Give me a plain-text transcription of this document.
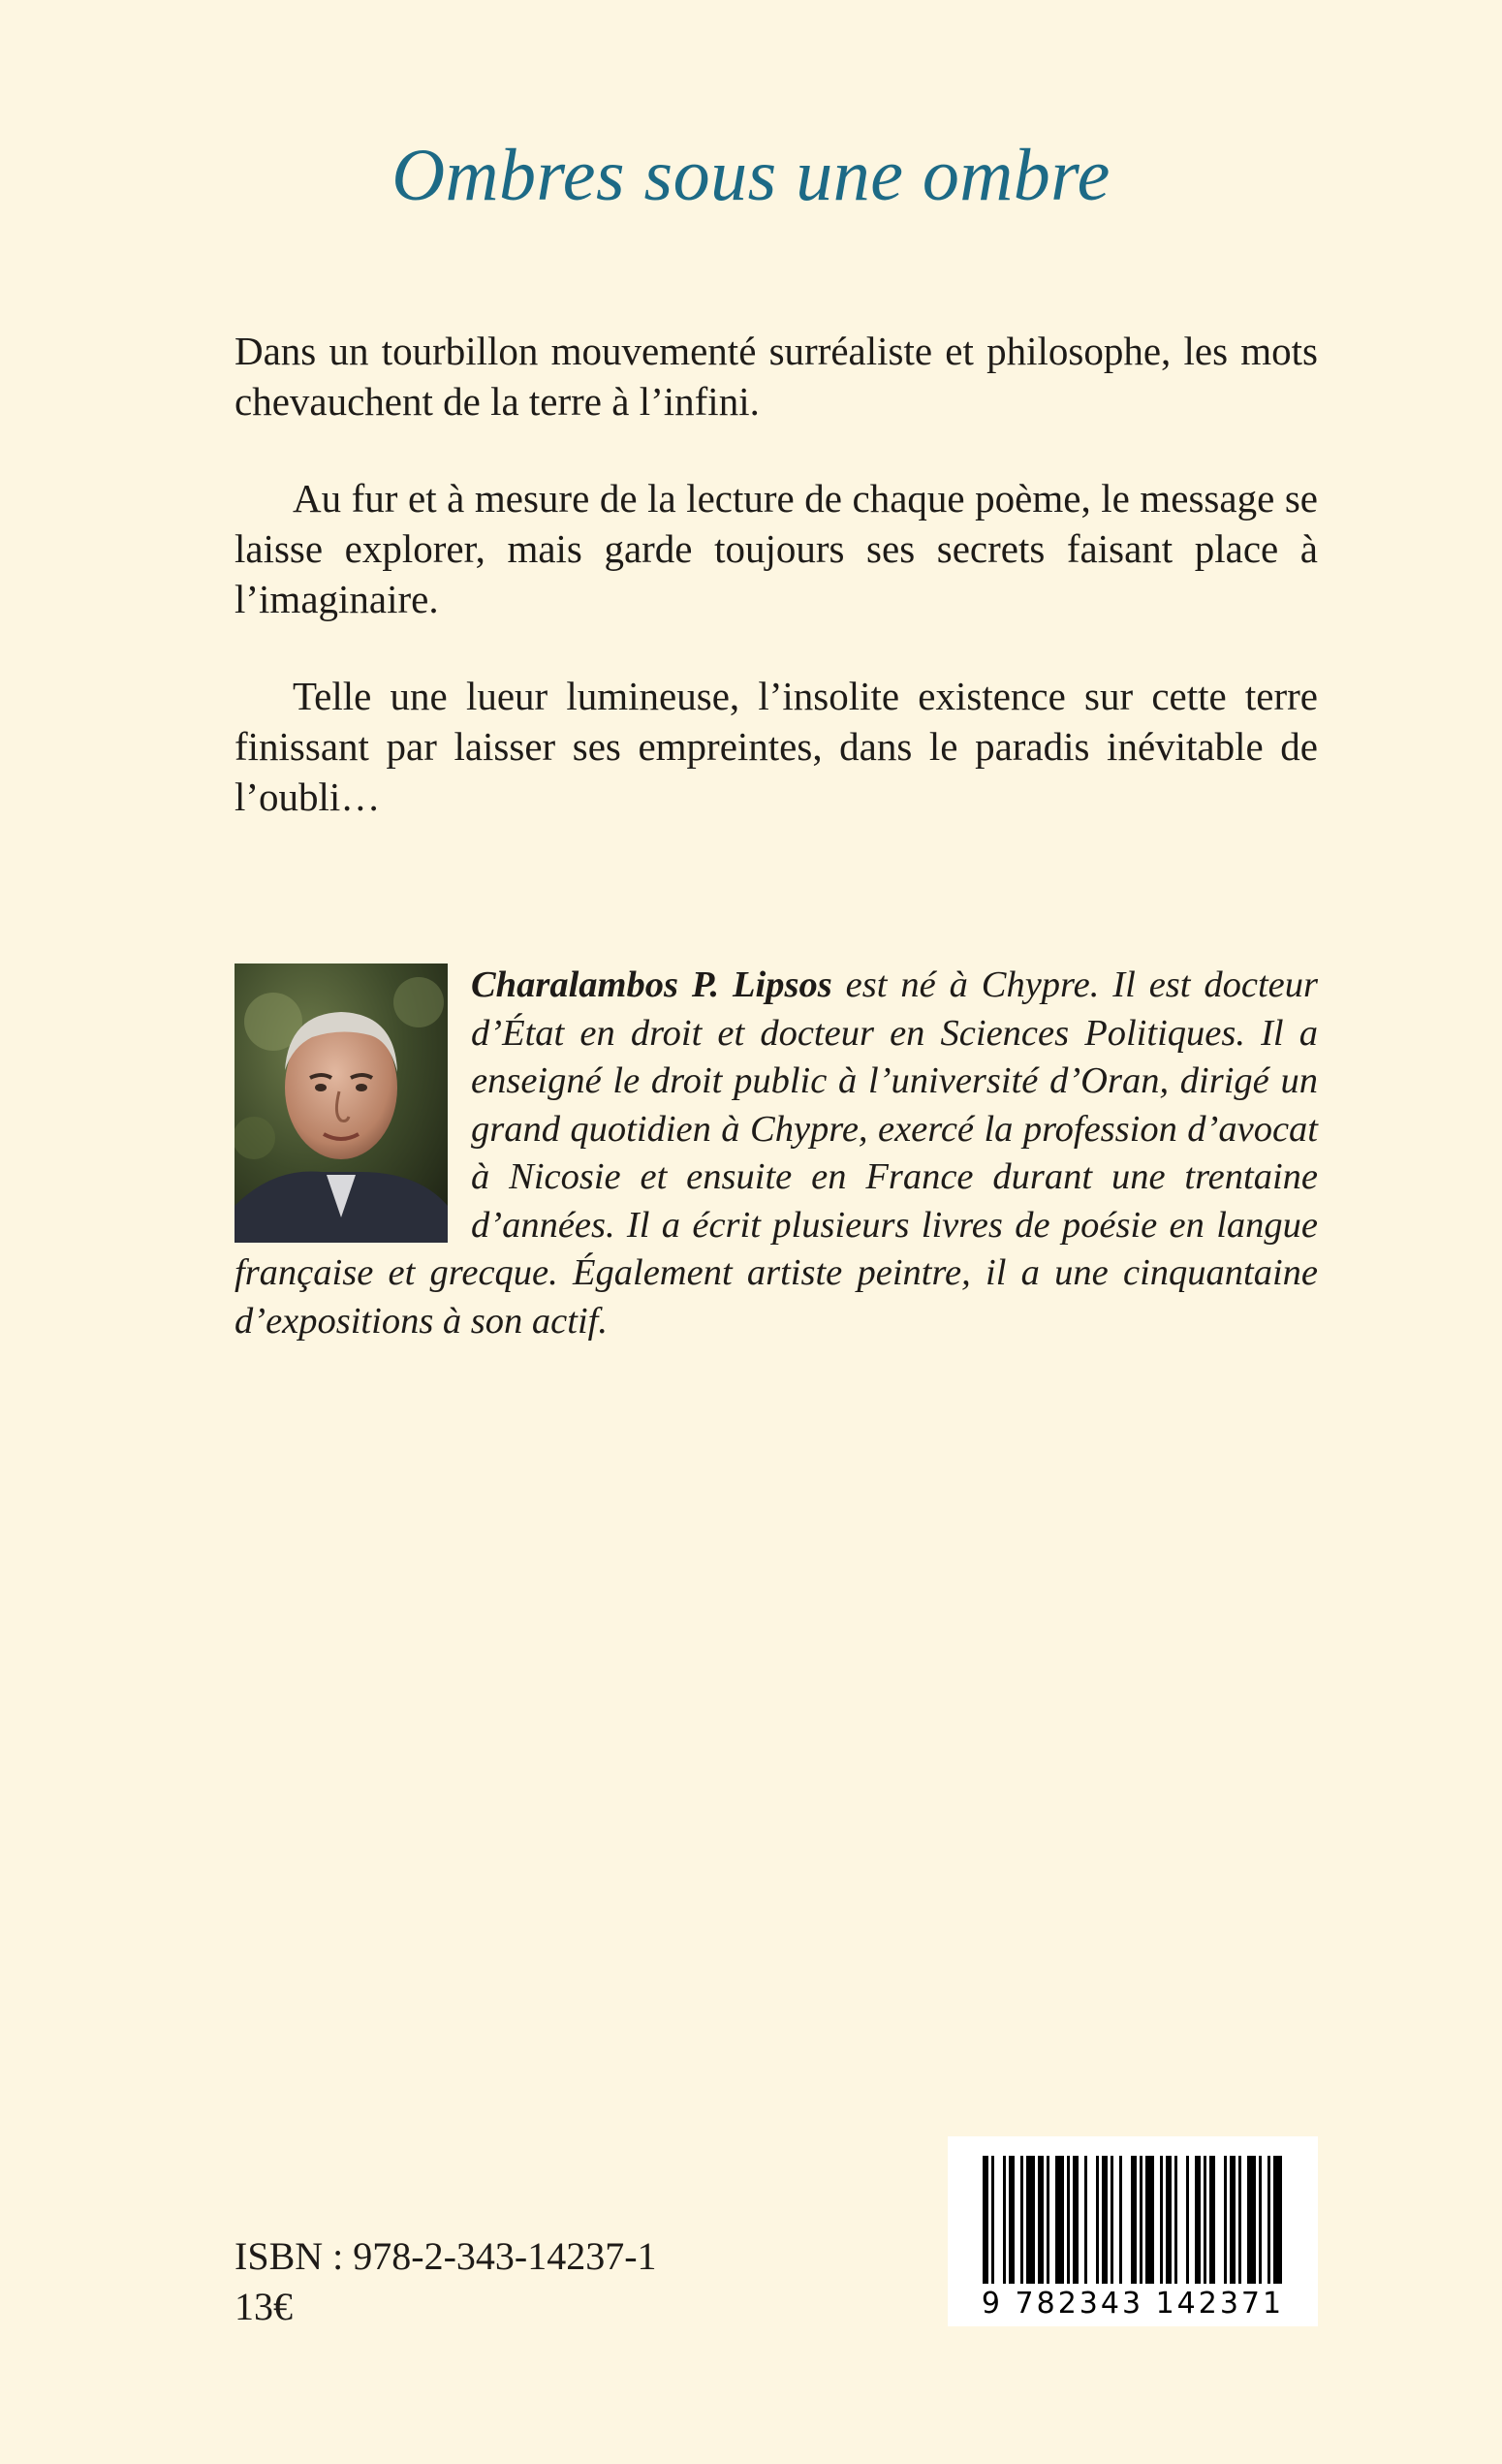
Ombres sous une ombre

Dans un tourbillon mouvementé surréaliste et philosophe, les mots chevauchent de la terre à l’infini.

Au fur et à mesure de la lecture de chaque poème, le message se laisse explorer, mais garde toujours ses secrets faisant place à l’imaginaire.

Telle une lueur lumineuse, l’insolite existence sur cette terre finissant par laisser ses empreintes, dans le paradis inévitable de l’oubli…

Charalambos P. Lipsos est né à Chypre. Il est docteur d’État en droit et docteur en Sciences Politiques. Il a enseigné le droit public à l’université d’Oran, dirigé un grand quotidien à Chypre, exercé la profession d’avocat à Nicosie et ensuite en France durant une trentaine d’années. Il a écrit plusieurs livres de poésie en langue française et grecque. Également artiste peintre, il a une cinquantaine d’expositions à son actif.
ISBN : 978-2-343-14237-1
13€	9 782343 142371
